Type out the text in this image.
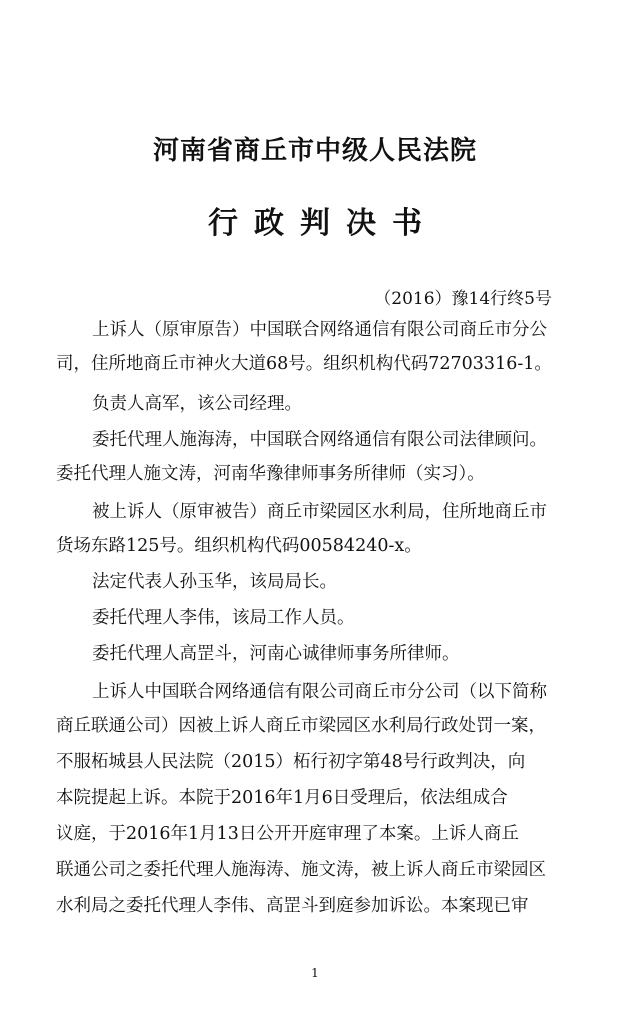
河南省商丘市中级人民法院
行政判决书
（2016）豫14行终5号
上诉人（原审原告）中国联合网络通信有限公司商丘市分公
司，住所地商丘市神火大道68号。组织机构代码72703316-1。
负责人高军，该公司经理。
委托代理人施海涛，中国联合网络通信有限公司法律顾问。
委托代理人施文涛，河南华豫律师事务所律师（实习）。
被上诉人（原审被告）商丘市梁园区水利局，住所地商丘市
货场东路125号。组织机构代码00584240-x。
法定代表人孙玉华，该局局长。
委托代理人李伟，该局工作人员。
委托代理人高罡斗，河南心诚律师事务所律师。
上诉人中国联合网络通信有限公司商丘市分公司（以下简称
商丘联通公司）因被上诉人商丘市梁园区水利局行政处罚一案，
不服柘城县人民法院（2015）柘行初字第48号行政判决，向
本院提起上诉。本院于2016年1月6日受理后，依法组成合
议庭，于2016年1月13日公开开庭审理了本案。上诉人商丘
联通公司之委托代理人施海涛、施文涛，被上诉人商丘市梁园区
水利局之委托代理人李伟、高罡斗到庭参加诉讼。本案现已审
1
